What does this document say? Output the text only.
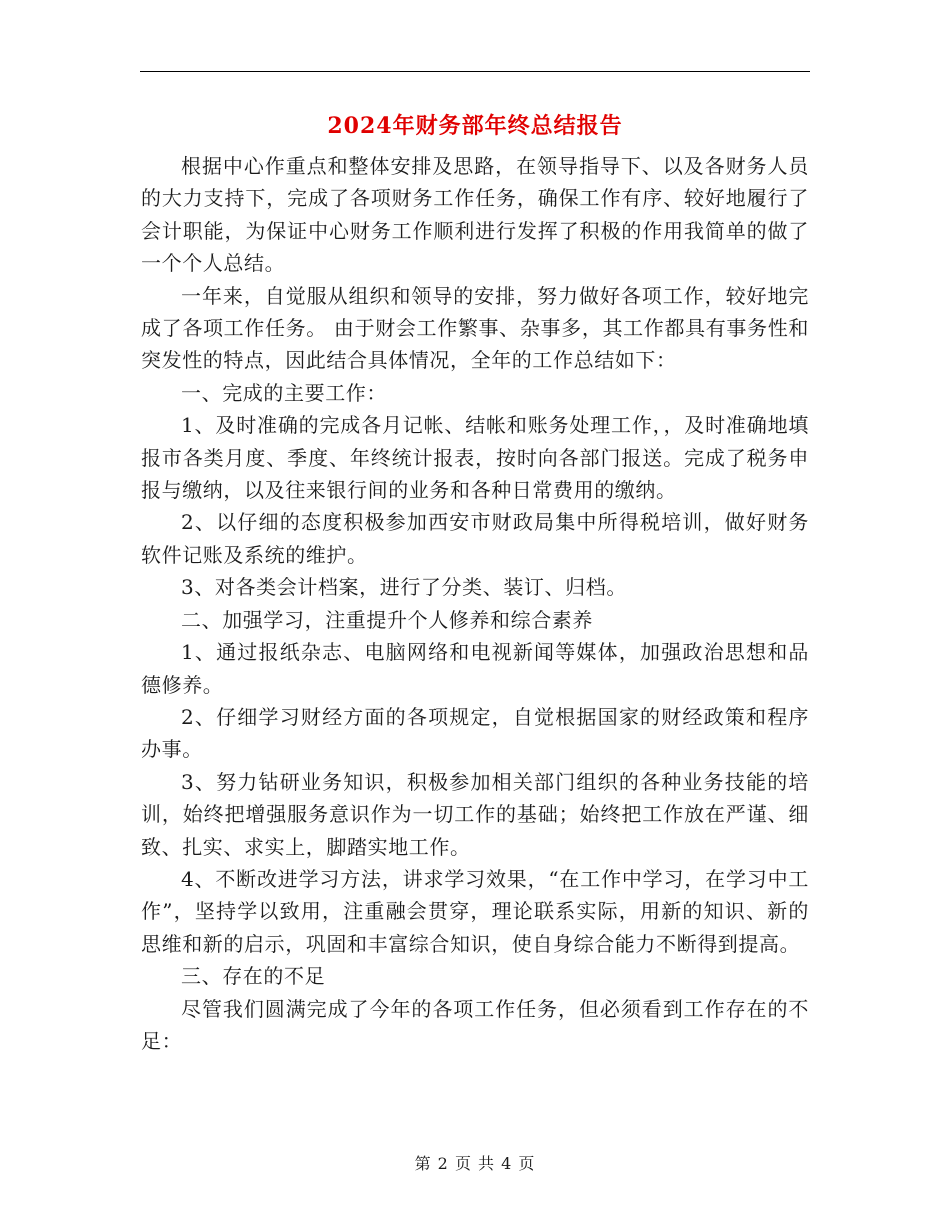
2024年财务部年终总结报告

根据中心作重点和整体安排及思路，在领导指导下、以及各财务人员的大力支持下，完成了各项财务工作任务，确保工作有序、较好地履行了会计职能，为保证中心财务工作顺利进行发挥了积极的作用我简单的做了一个个人总结。

一年来，自觉服从组织和领导的安排，努力做好各项工作，较好地完成了各项工作任务。 由于财会工作繁事、杂事多，其工作都具有事务性和突发性的特点，因此结合具体情况，全年的工作总结如下：

一、完成的主要工作：

1、及时准确的完成各月记帐、结帐和账务处理工作，，及时准确地填报市各类月度、季度、年终统计报表，按时向各部门报送。完成了税务申报与缴纳，以及往来银行间的业务和各种日常费用的缴纳。

2、以仔细的态度积极参加西安市财政局集中所得税培训，做好财务软件记账及系统的维护。

3、对各类会计档案，进行了分类、装订、归档。

二、加强学习，注重提升个人修养和综合素养

1、通过报纸杂志、电脑网络和电视新闻等媒体，加强政治思想和品德修养。

2、仔细学习财经方面的各项规定，自觉根据国家的财经政策和程序办事。

3、努力钻研业务知识，积极参加相关部门组织的各种业务技能的培训，始终把增强服务意识作为一切工作的基础；始终把工作放在严谨、细致、扎实、求实上，脚踏实地工作。

4、不断改进学习方法，讲求学习效果，“在工作中学习，在学习中工作”，坚持学以致用，注重融会贯穿，理论联系实际，用新的知识、新的思维和新的启示，巩固和丰富综合知识，使自身综合能力不断得到提高。

三、存在的不足

尽管我们圆满完成了今年的各项工作任务，但必须看到工作存在的不足：

第 2 页 共 4 页
